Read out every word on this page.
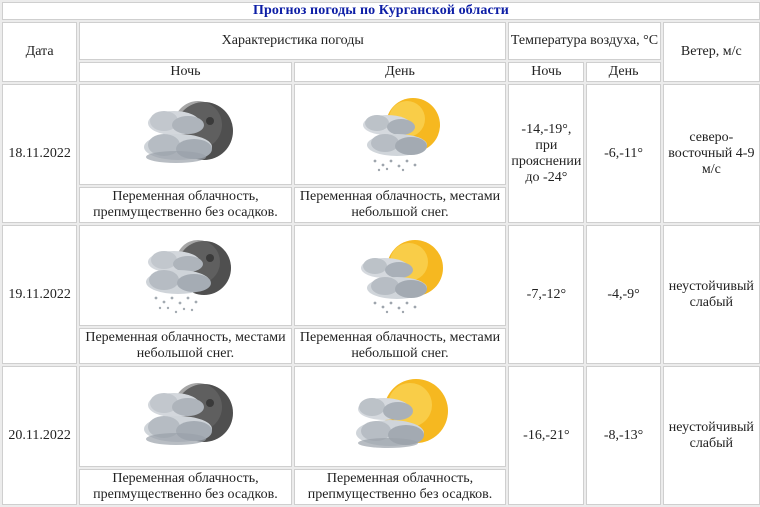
Прогноз погоды по Курганской области					
Дата	Характеристика погоды		Температура воздуха, °С		Ветер, м/с
	Ночь	День	Ночь	День	
18.11.2022			-14,-19°, при прояснении до -24°	-6,-11°	северо-восточный 4-9 м/с
	Переменная облачность, препмущественно без осадков.	Переменная облачность, местами небольшой снег.			
19.11.2022			-7,-12°	-4,-9°	неустойчивый слабый
	Переменная облачность, местами небольшой снег.	Переменная облачность, местами небольшой снег.			
20.11.2022			-16,-21°	-8,-13°	неустойчивый слабый
	Переменная облачность, препмущественно без осадков.	Переменная облачность, препмущественно без осадков.			
